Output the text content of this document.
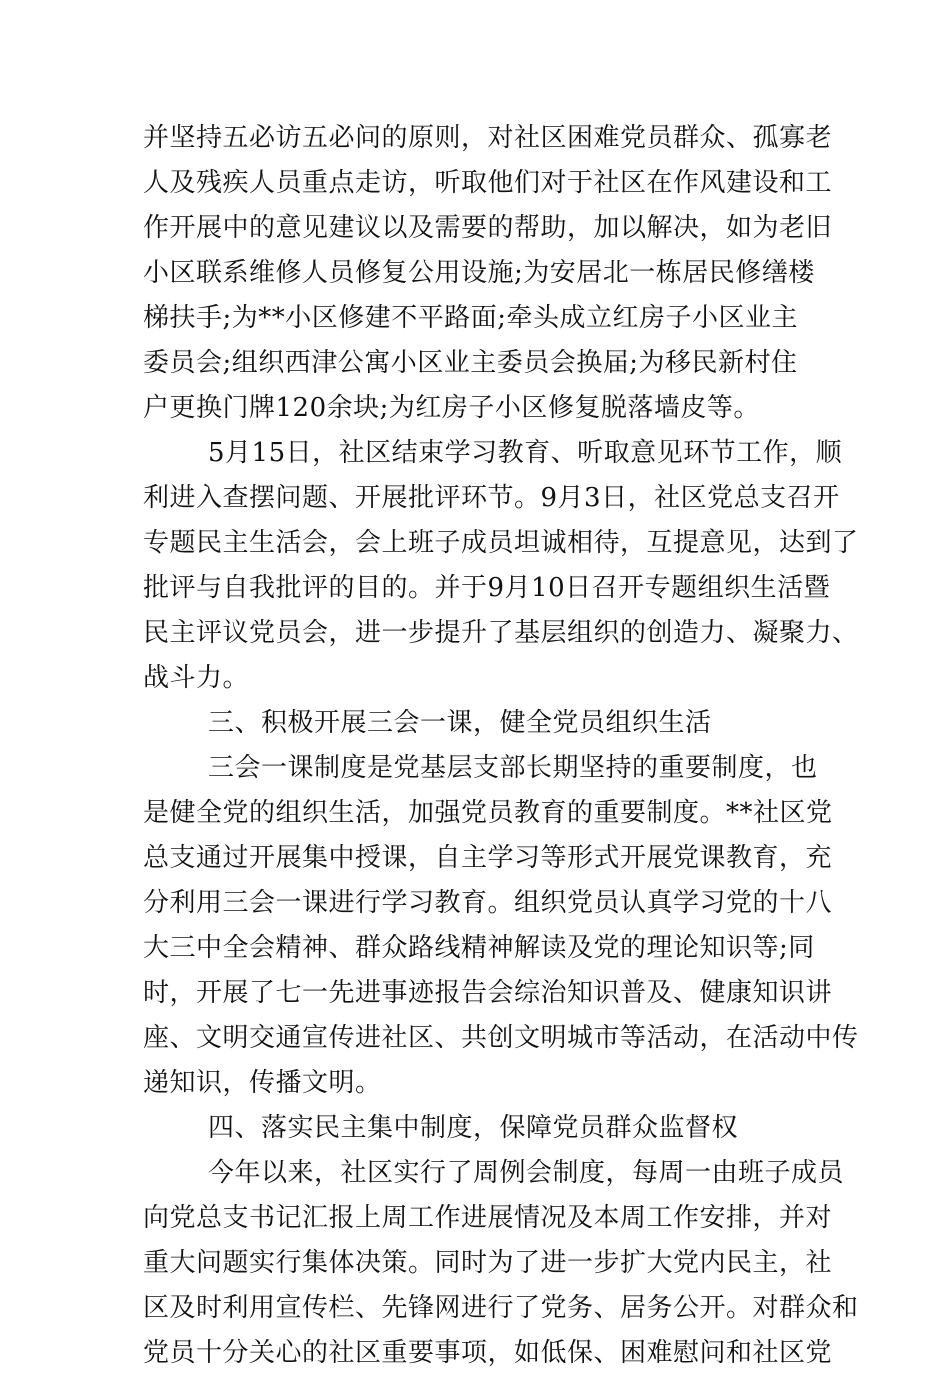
并坚持五必访五必问的原则，对社区困难党员群众、孤寡老
人及残疾人员重点走访，听取他们对于社区在作风建设和工
作开展中的意见建议以及需要的帮助，加以解决，如为老旧
小区联系维修人员修复公用设施;为安居北一栋居民修缮楼
梯扶手;为**小区修建不平路面;牵头成立红房子小区业主
委员会;组织西津公寓小区业主委员会换届;为移民新村住
户更换门牌120余块;为红房子小区修复脱落墙皮等。
5月15日，社区结束学习教育、听取意见环节工作，顺
利进入查摆问题、开展批评环节。9月3日，社区党总支召开
专题民主生活会，会上班子成员坦诚相待，互提意见，达到了
批评与自我批评的目的。并于9月10日召开专题组织生活暨
民主评议党员会，进一步提升了基层组织的创造力、凝聚力、
战斗力。
三、积极开展三会一课，健全党员组织生活
三会一课制度是党基层支部长期坚持的重要制度，也
是健全党的组织生活，加强党员教育的重要制度。**社区党
总支通过开展集中授课，自主学习等形式开展党课教育，充
分利用三会一课进行学习教育。组织党员认真学习党的十八
大三中全会精神、群众路线精神解读及党的理论知识等;同
时，开展了七一先进事迹报告会综治知识普及、健康知识讲
座、文明交通宣传进社区、共创文明城市等活动，在活动中传
递知识，传播文明。
四、落实民主集中制度，保障党员群众监督权
今年以来，社区实行了周例会制度，每周一由班子成员
向党总支书记汇报上周工作进展情况及本周工作安排，并对
重大问题实行集体决策。同时为了进一步扩大党内民主，社
区及时利用宣传栏、先锋网进行了党务、居务公开。对群众和
党员十分关心的社区重要事项，如低保、困难慰问和社区党
